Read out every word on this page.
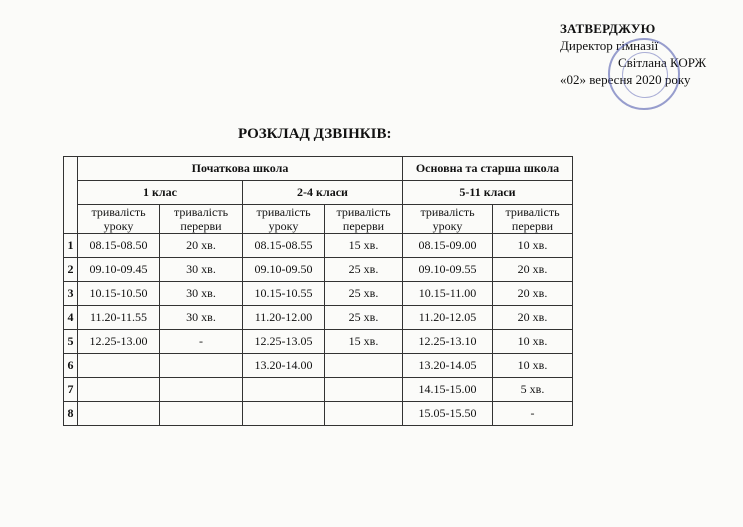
ЗАТВЕРДЖУЮ
Директор гімназії
Світлана КОРЖ
«02» вересня 2020 року
РОЗКЛАД ДЗВІНКІВ:
	Початкова школа				Основна та старша школа	
	1 клас		2-4 класи		5-11 класи	
	тривалість уроку	тривалість перерви	тривалість уроку	тривалість перерви	тривалість уроку	тривалість перерви
1	08.15-08.50	20 хв.	08.15-08.55	15 хв.	08.15-09.00	10 хв.
2	09.10-09.45	30 хв.	09.10-09.50	25 хв.	09.10-09.55	20 хв.
3	10.15-10.50	30 хв.	10.15-10.55	25 хв.	10.15-11.00	20 хв.
4	11.20-11.55	30 хв.	11.20-12.00	25 хв.	11.20-12.05	20 хв.
5	12.25-13.00	-	12.25-13.05	15 хв.	12.25-13.10	10 хв.
6			13.20-14.00		13.20-14.05	10 хв.
7					14.15-15.00	5 хв.
8					15.05-15.50	-
